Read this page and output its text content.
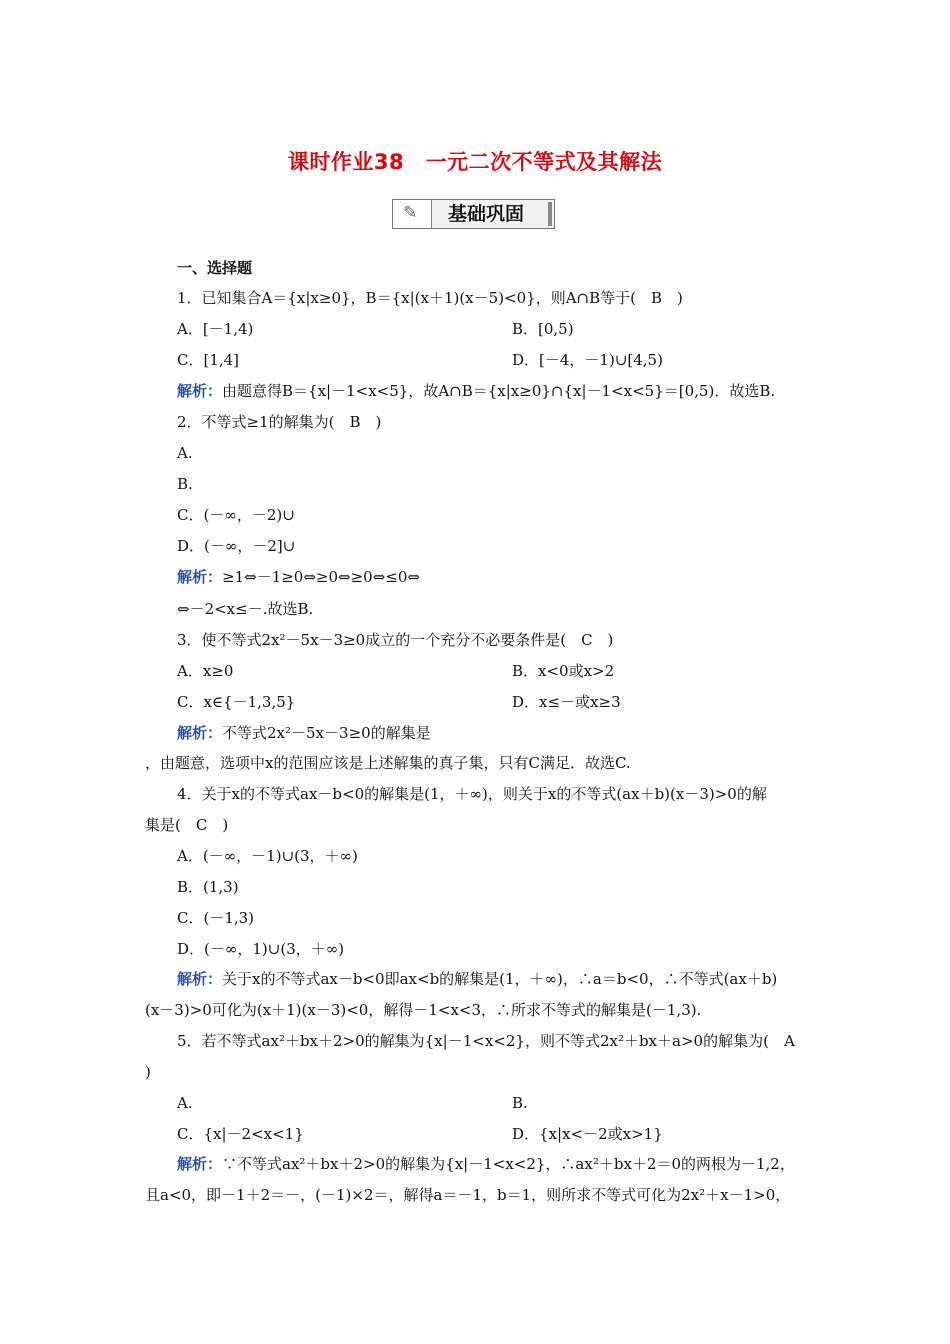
课时作业38　一元二次不等式及其解法
✎	基础巩固
一、选择题
1．已知集合A＝{x|x≥0}，B＝{x|(x＋1)(x－5)<0}，则A∩B等于(　B　)
A．[－1,4)	B．[0,5)
C．[1,4]	D．[－4，－1)∪[4,5)
解析：由题意得B＝{x|－1<x<5}，故A∩B＝{x|x≥0}∩{x|－1<x<5}＝[0,5)．故选B.
2．不等式≥1的解集为(　B　)
A.
B.
C．(－∞，－2)∪
D．(－∞，－2]∪
解析：≥1⇔－1≥0⇔≥0⇔≥0⇔≤0⇔
⇔－2<x≤－.故选B.
3．使不等式2x²－5x－3≥0成立的一个充分不必要条件是(　C　)
A．x≥0	B．x<0或x>2
C．x∈{－1,3,5}	D．x≤－或x≥3
解析：不等式2x²－5x－3≥0的解集是
，由题意，选项中x的范围应该是上述解集的真子集，只有C满足．故选C.
4．关于x的不等式ax－b<0的解集是(1，＋∞)，则关于x的不等式(ax＋b)(x－3)>0的解
集是(　C　)
A．(－∞，－1)∪(3，＋∞)
B．(1,3)
C．(－1,3)
D．(－∞，1)∪(3，＋∞)
解析：关于x的不等式ax－b<0即ax<b的解集是(1，＋∞)，∴a＝b<0，∴不等式(ax＋b)
(x－3)>0可化为(x＋1)(x－3)<0，解得－1<x<3，∴所求不等式的解集是(－1,3).
5．若不等式ax²＋bx＋2>0的解集为{x|－1<x<2}，则不等式2x²＋bx＋a>0的解集为(　A
)
A.	B.
C．{x|－2<x<1}	D．{x|x<－2或x>1}
解析：∵不等式ax²＋bx＋2>0的解集为{x|－1<x<2}，∴ax²＋bx＋2＝0的两根为－1,2，
且a<0，即－1＋2＝－，(－1)×2＝，解得a＝－1，b＝1，则所求不等式可化为2x²＋x－1>0，
